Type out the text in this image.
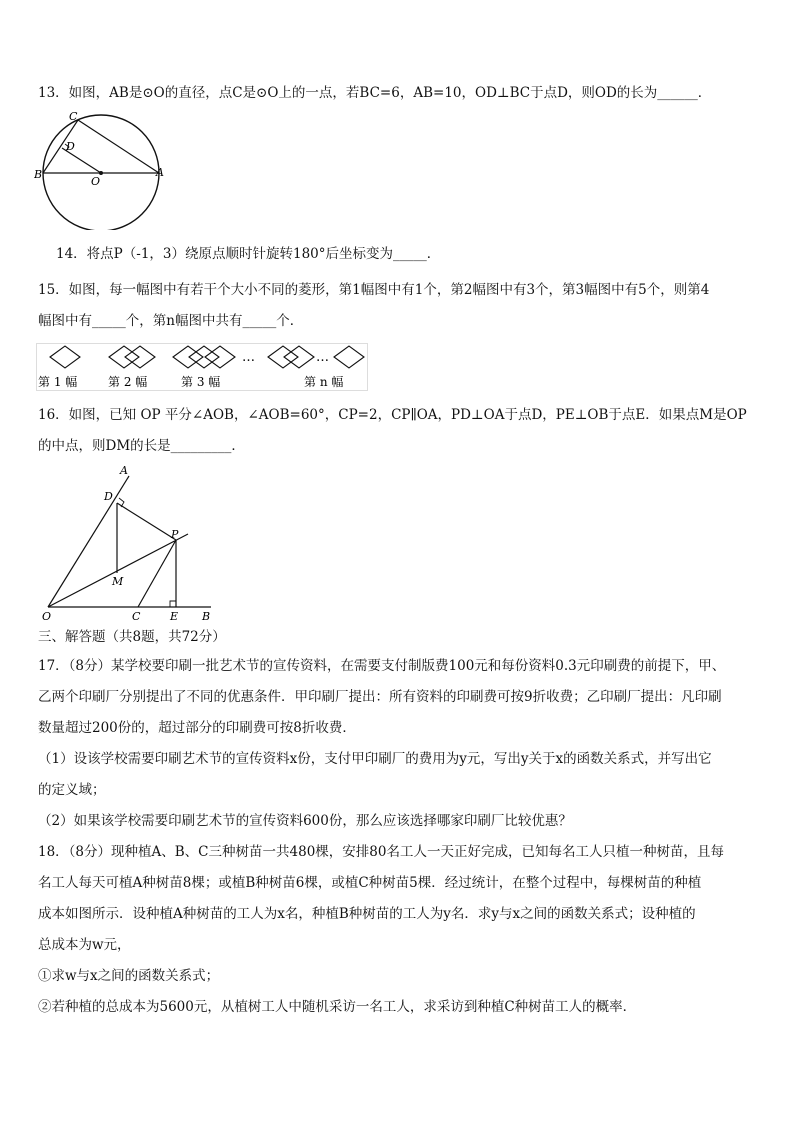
13．如图，AB是⊙O的直径，点C是⊙O上的一点，若BC=6，AB=10，OD⊥BC于点D，则OD的长为______．
C
D
B
O
A
14．将点P（-1，3）绕原点顺时针旋转180°后坐标变为_____．
15．如图，每一幅图中有若干个大小不同的菱形，第1幅图中有1个，第2幅图中有3个，第3幅图中有5个，则第4
幅图中有_____个，第n幅图中共有_____个．
…	…
第 1 幅	第 2 幅	第 3 幅	第 n 幅
16．如图，已知 OP 平分∠AOB，∠AOB=60°，CP=2，CP∥OA，PD⊥OA于点D，PE⊥OB于点E．如果点M是OP
的中点，则DM的长是_________．
A
D
P
M
O	C	E B
三、解答题（共8题，共72分）
17．（8分）某学校要印刷一批艺术节的宣传资料，在需要支付制版费100元和每份资料0.3元印刷费的前提下，甲、
乙两个印刷厂分别提出了不同的优惠条件．甲印刷厂提出：所有资料的印刷费可按9折收费；乙印刷厂提出：凡印刷
数量超过200份的，超过部分的印刷费可按8折收费．
（1）设该学校需要印刷艺术节的宣传资料x份，支付甲印刷厂的费用为y元，写出y关于x的函数关系式，并写出它
的定义域；
（2）如果该学校需要印刷艺术节的宣传资料600份，那么应该选择哪家印刷厂比较优惠？
18．（8分）现种植A、B、C三种树苗一共480棵，安排80名工人一天正好完成，已知每名工人只植一种树苗，且每
名工人每天可植A种树苗8棵；或植B种树苗6棵，或植C种树苗5棵．经过统计，在整个过程中，每棵树苗的种植
成本如图所示．设种植A种树苗的工人为x名，种植B种树苗的工人为y名．求y与x之间的函数关系式；设种植的
总成本为w元，
①求w与x之间的函数关系式；
②若种植的总成本为5600元，从植树工人中随机采访一名工人，求采访到种植C种树苗工人的概率．
